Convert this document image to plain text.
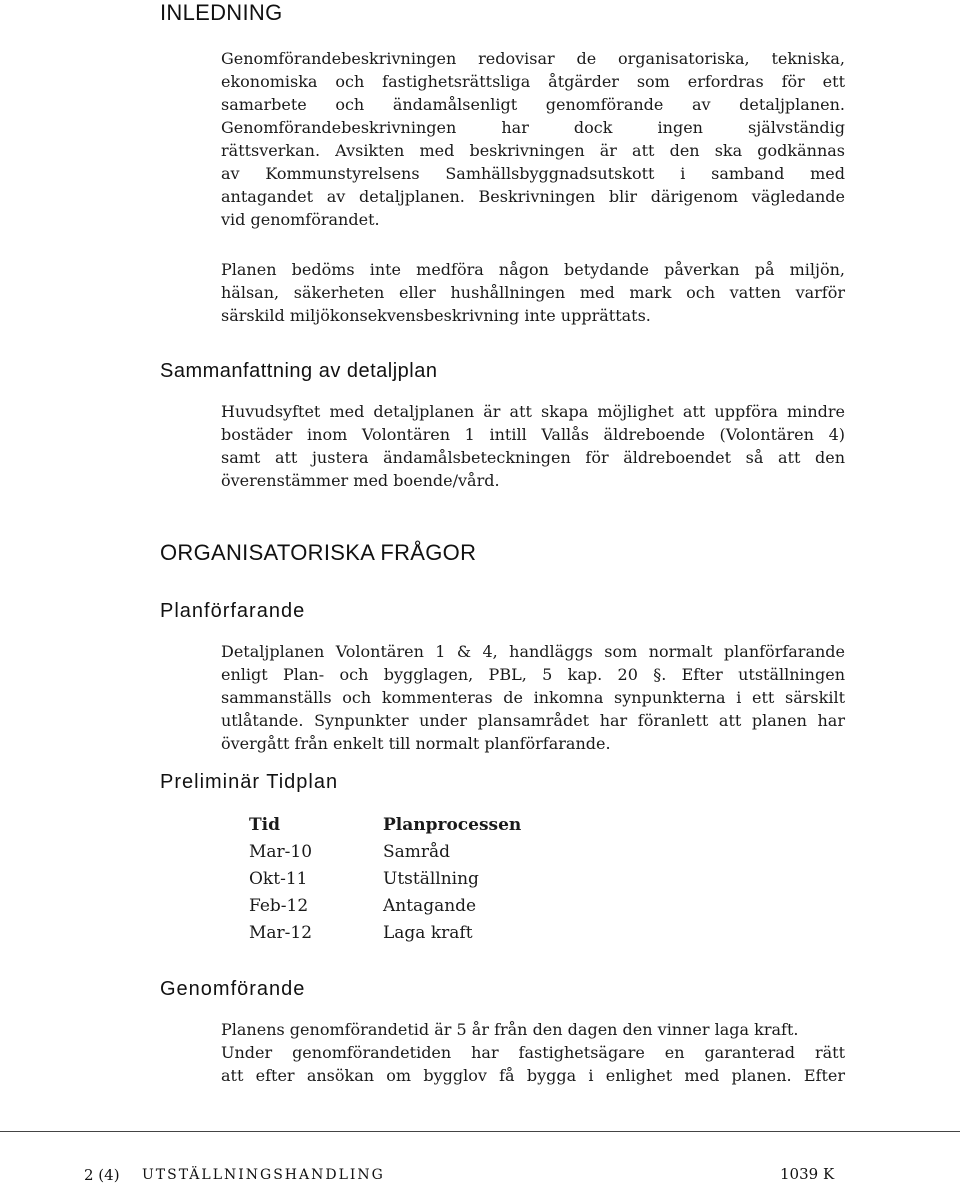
INLEDNING
Genomförandebeskrivningen redovisar de organisatoriska, tekniska,
ekonomiska och fastighetsrättsliga åtgärder som erfordras för ett
samarbete och ändamålsenligt genomförande av detaljplanen.
Genomförandebeskrivningen har dock ingen självständig
rättsverkan. Avsikten med beskrivningen är att den ska godkännas
av Kommunstyrelsens Samhällsbyggnadsutskott i samband med
antagandet av detaljplanen. Beskrivningen blir därigenom vägledande
vid genomförandet.
Planen bedöms inte medföra någon betydande påverkan på miljön,
hälsan, säkerheten eller hushållningen med mark och vatten varför
särskild miljökonsekvensbeskrivning inte upprättats.
Sammanfattning av detaljplan
Huvudsyftet med detaljplanen är att skapa möjlighet att uppföra mindre
bostäder inom Volontären 1 intill Vallås äldreboende (Volontären 4)
samt att justera ändamålsbeteckningen för äldreboendet så att den
överenstämmer med boende/vård.
ORGANISATORISKA FRÅGOR
Planförfarande
Detaljplanen Volontären 1 & 4, handläggs som normalt planförfarande
enligt Plan- och bygglagen, PBL, 5 kap. 20 §. Efter utställningen
sammanställs och kommenteras de inkomna synpunkterna i ett särskilt
utlåtande. Synpunkter under plansamrådet har föranlett att planen har
övergått från enkelt till normalt planförfarande.
Preliminär Tidplan
Tid	Planprocessen
Mar-10	Samråd
Okt-11	Utställning
Feb-12	Antagande
Mar-12	Laga kraft
Genomförande
Planens genomförandetid är 5 år från den dagen den vinner laga kraft.
Under genomförandetiden har fastighetsägare en garanterad rätt
att efter ansökan om bygglov få bygga i enlighet med planen. Efter
2 (4) UTSTÄLLNINGSHANDLING	1039 K
